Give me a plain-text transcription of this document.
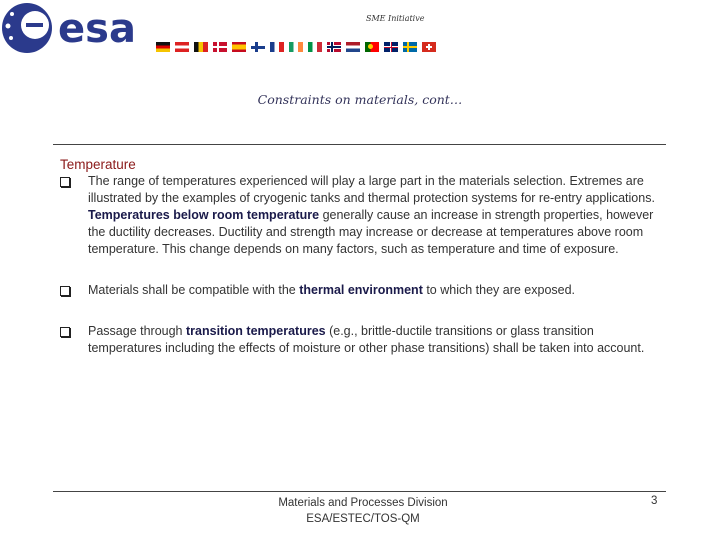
esa	SME Initiative
Constraints on materials, cont…
Temperature
The range of temperatures experienced will play a large part in the materials selection. Extremes are illustrated by the examples of cryogenic tanks and thermal protection systems for re-entry applications. Temperatures below room temperature generally cause an increase in strength properties, however the ductility decreases. Ductility and strength may increase or decrease at temperatures above room temperature. This change depends on many factors, such as temperature and time of exposure.
Materials shall be compatible with the thermal environment to which they are exposed.
Passage through transition temperatures (e.g., brittle-ductile transitions or glass transition temperatures including the effects of moisture or other phase transitions) shall be taken into account.
Materials and Processes Division
ESA/ESTEC/TOS-QM
3
